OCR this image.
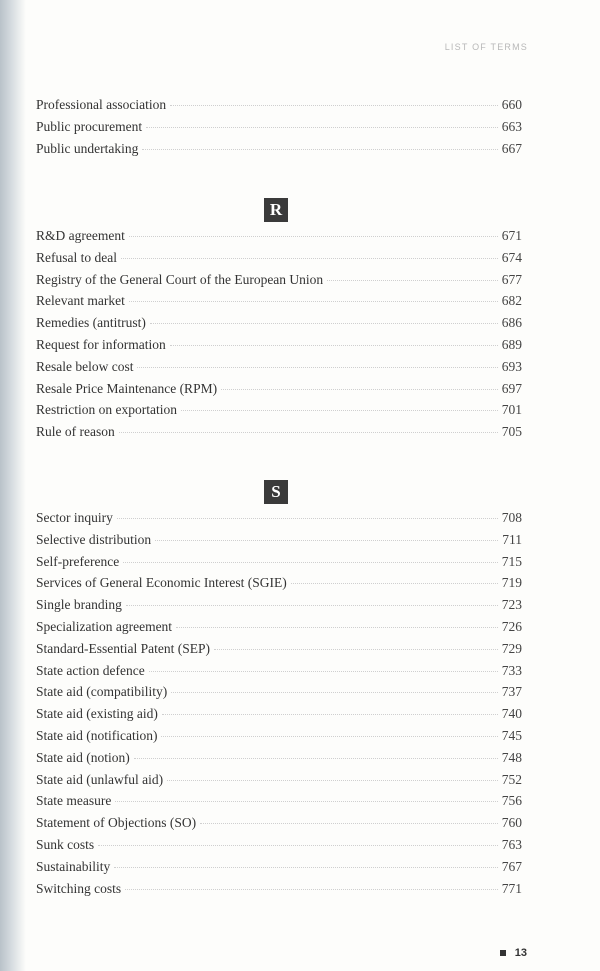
LIST OF TERMS
Professional association	660
Public procurement	663
Public undertaking	667
R
R&D agreement	671
Refusal to deal	674
Registry of the General Court of the European Union	677
Relevant market	682
Remedies (antitrust)	686
Request for information	689
Resale below cost	693
Resale Price Maintenance (RPM)	697
Restriction on exportation	701
Rule of reason	705
S
Sector inquiry	708
Selective distribution	711
Self-preference	715
Services of General Economic Interest (SGIE)	719
Single branding	723
Specialization agreement	726
Standard-Essential Patent (SEP)	729
State action defence	733
State aid (compatibility)	737
State aid (existing aid)	740
State aid (notification)	745
State aid (notion)	748
State aid (unlawful aid)	752
State measure	756
Statement of Objections (SO)	760
Sunk costs	763
Sustainability	767
Switching costs	771
13
